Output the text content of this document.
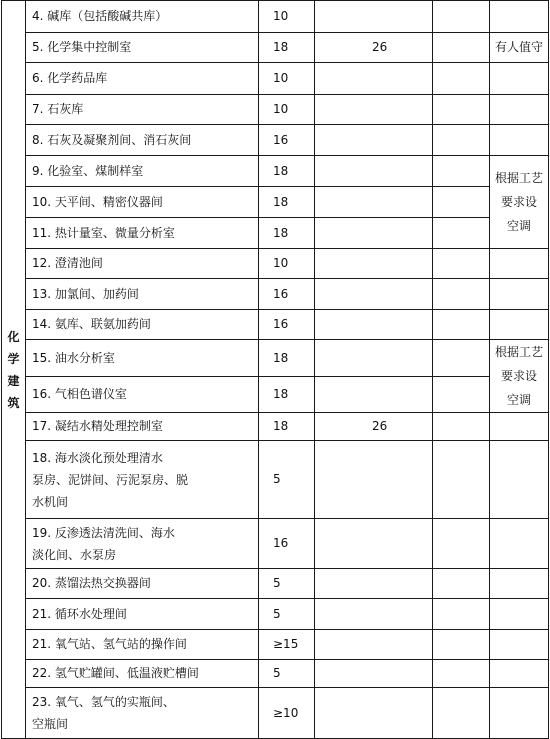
化
学
建
筑	4. 碱库（包括酸碱共库）	10			
	5. 化学集中控制室	18	26		有人值守
	6. 化学药品库	10			
	7. 石灰库	10			
	8. 石灰及凝聚剂间、消石灰间	16			
	9. 化验室、煤制样室	18			根据工艺
要求设
空调

	10. 天平间、精密仪器间	18			
	11. 热计量室、微量分析室	18			
	12. 澄清池间	10			
	13. 加氯间、加药间	16			
	14. 氨库、联氨加药间	16			
	15. 油水分析室	18			根据工艺
要求设
空调

	16. 气相色谱仪室	18			
	17. 凝结水精处理控制室	18	26		

	18. 海水淡化预处理清水
泵房、泥饼间、污泥泵房、脱
水机间	5			

	19. 反渗透法清洗间、海水
淡化间、水泵房	16			
	20. 蒸馏法热交换器间	5			
	21. 循环水处理间	5			
	21. 氧气站、氢气站的操作间	≥15			
	22. 氢气贮罐间、低温液贮槽间	5			

	23. 氧气、氢气的实瓶间、
空瓶间	≥10			
